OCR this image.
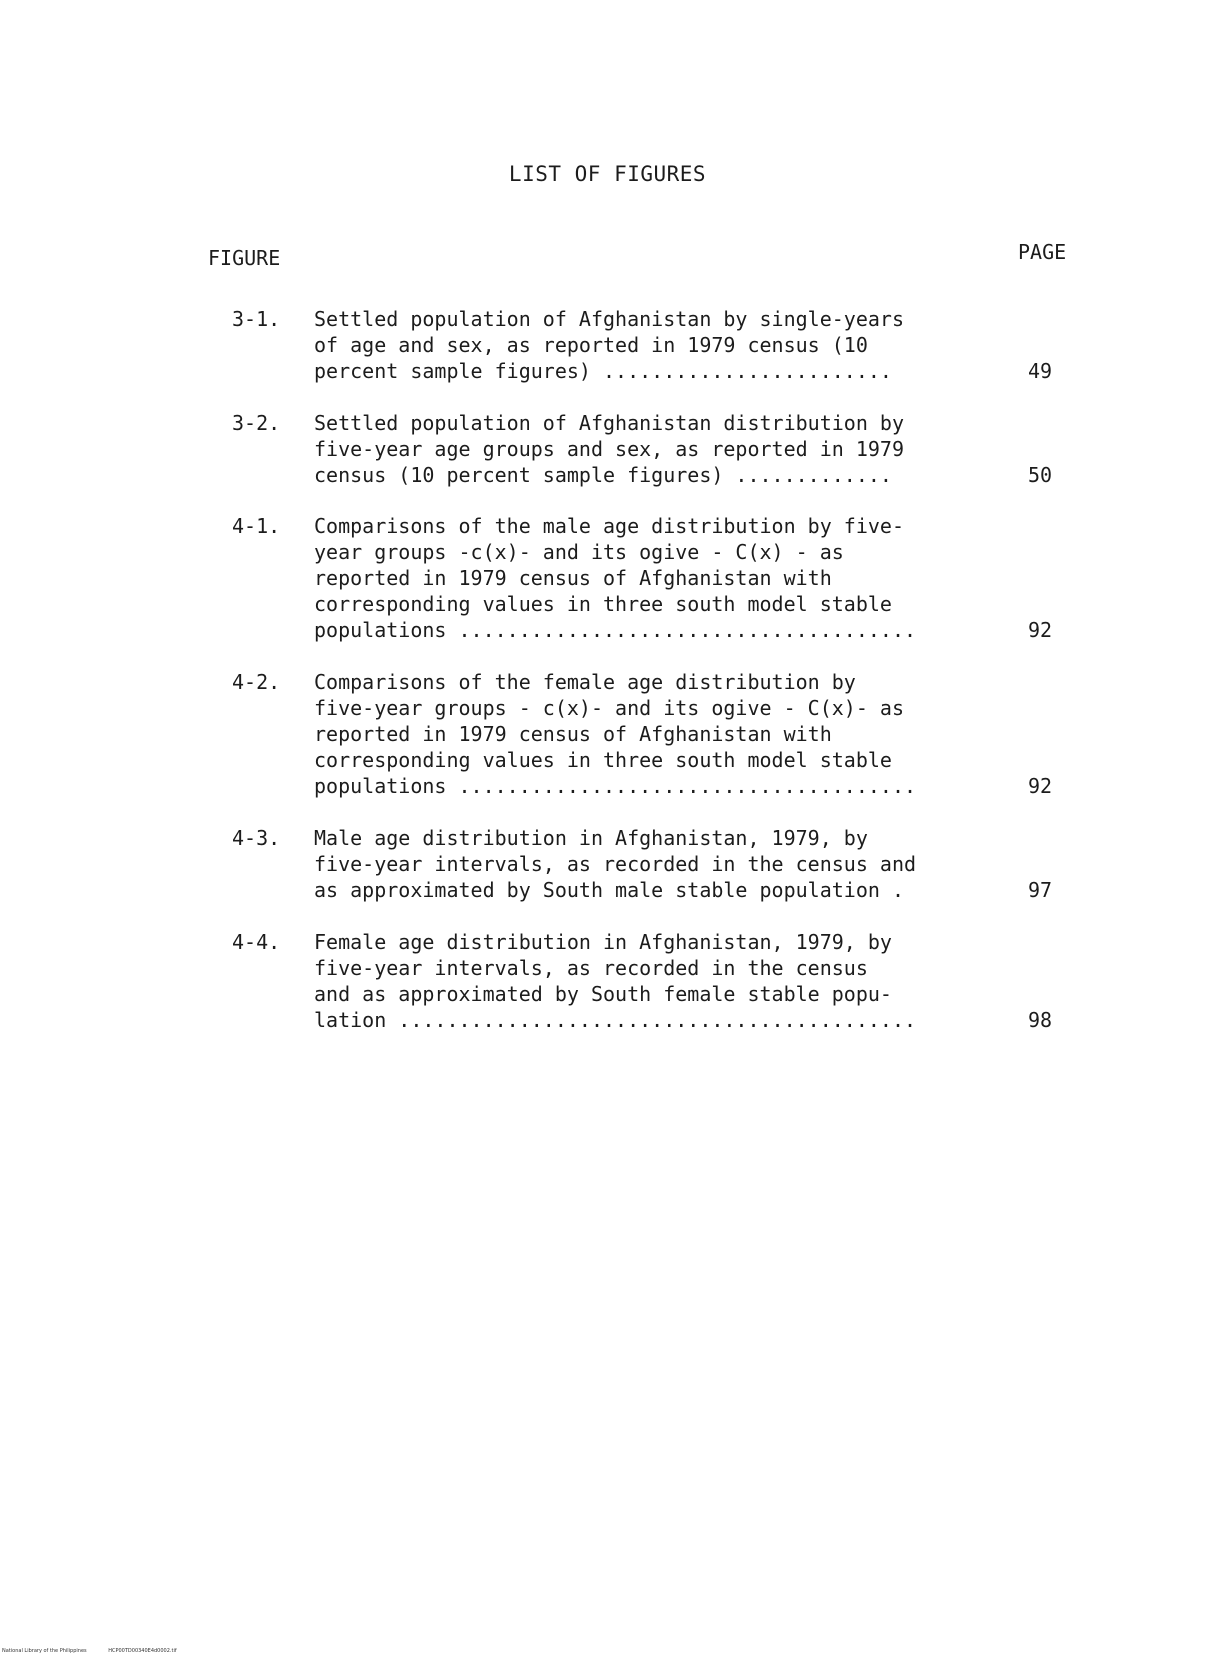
LIST OF FIGURES
FIGURE	PAGE
3-1.	Settled population of Afghanistan by single-years
of age and sex, as reported in 1979 census (10
percent sample figures) ........................	49
3-2.	Settled population of Afghanistan distribution by
five-year age groups and sex, as reported in 1979
census (10 percent sample figures) .............	50
4-1.	Comparisons of the male age distribution by five-
year groups -c(x)- and its ogive - C(x) - as
reported in 1979 census of Afghanistan with
corresponding values in three south model stable
populations ......................................	92
4-2.	Comparisons of the female age distribution by
five-year groups - c(x)- and its ogive - C(x)- as
reported in 1979 census of Afghanistan with
corresponding values in three south model stable
populations ......................................	92
4-3.	Male age distribution in Afghanistan, 1979, by
five-year intervals, as recorded in the census and
as approximated by South male stable population .	97
4-4.	Female age distribution in Afghanistan, 1979, by
five-year intervals, as recorded in the census
and as approximated by South female stable popu-
lation ...........................................	98
National Library of the Philippines	HCP00TD00340E4d0002.tif
